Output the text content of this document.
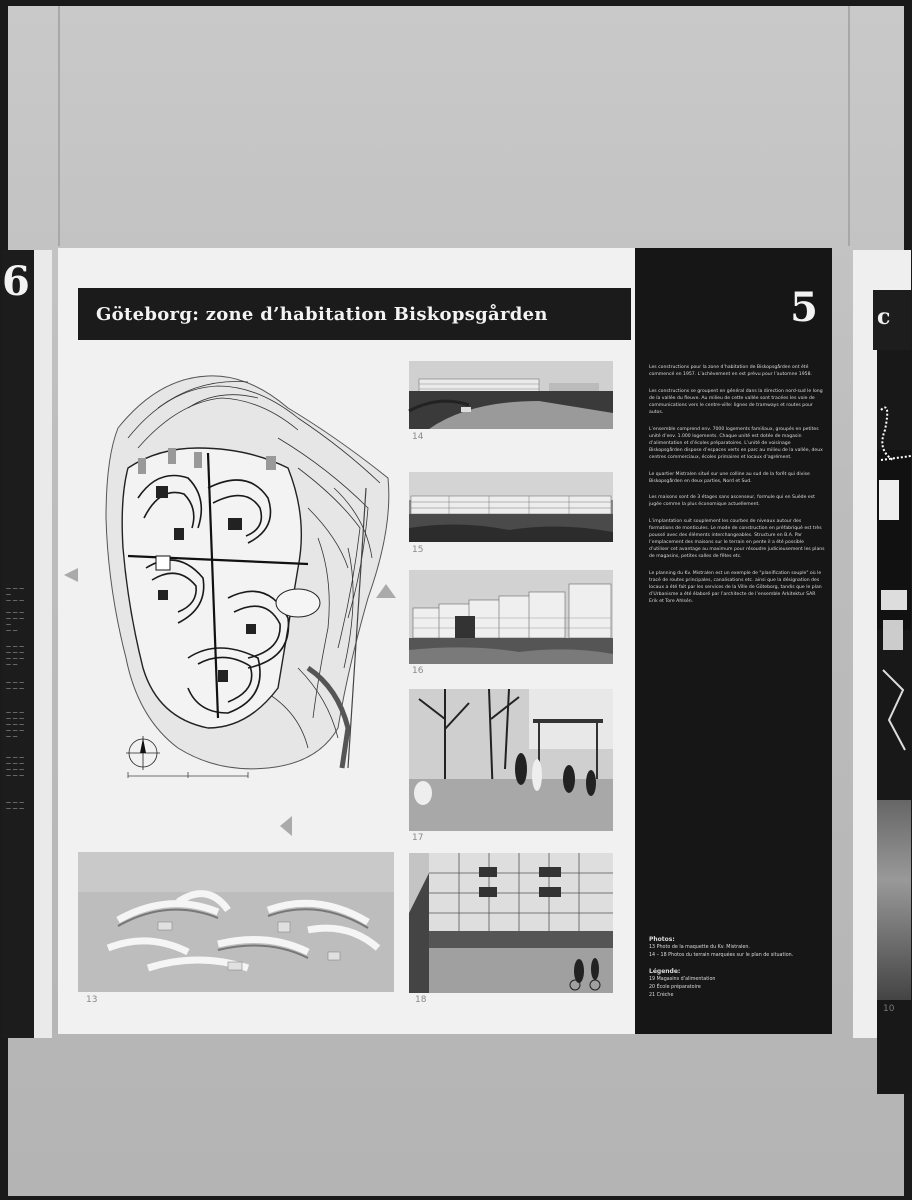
6
— — — —
— — —
— — —
— — — —
— —
— — —
— — —
— — —
— —
— — —
— — —
— — —
— — —
— — —
— — —
— —
— — —
— — —
— — —
— — —
— — —
— — —
c
10
Göteborg: zone d’habitation Biskopsgården
14
15
16
17
13	18
5

Les constructions pour la zone d’habitation de Biskopsgården ont été commencé en 1957. L’achèvement en est prévu pour l’automne 1958.

Les constructions se groupent en général dans la direction nord-sud le long de la vallée du fleuve. Au milieu de cette vallée sont tracées les voie de communications vers le centre-ville: lignes de tramways et routes pour autos.

L’ensemble comprend env. 7000 logements familiaux, groupés en petites unité d’env. 1.000 logements. Chaque unité est dotée de magasin d’alimentation et d’écoles préparatoires. L’unité de voisinage Biskopsgården dispose d’espaces verts en parc au milieu de la vallée, deux centres commerciaux, écoles primaires et locaux d’agrément.

Le quartier Mistralen situé sur une colline au sud de la forêt qui divise Biskopsgården en deux parties, Nord et Sud.

Les maisons sont de 3 étages sans ascenseur, formule qui en Suède est jugée comme la plus économique actuellement.

L’implantation suit souplement les courbes de niveaux autour des formations de monticules. Le mode de construction en préfabriqué est très poussé avec des éléments interchangeables. Structure en B.A. Par l’emplacement des maisons sur le terrain en pente il a été possible d’utiliser cet avantage au maximum pour résoudre judicieusement les plans de magasins, petites salles de fêtes etc.

Le planning du Kv. Mistralen est un exemple de "planification souple" où le tracé de routes principales, canalisations etc. ainsi que la désignation des locaux a été fait par les services de la Ville de Göteborg, tandis que le plan d’Urbanisme a été élaboré par l’architecte de l’ensemble Arkitektur SAR Erik et Tore Ahlsén.

Photos:
13 Photo de la maquette du Kv. Mistralen.
14 – 18 Photos du terrain marquées sur le plan de situation.
Légende:
19 Magasins d’alimentation
20 École préparatoire
21 Crèche
